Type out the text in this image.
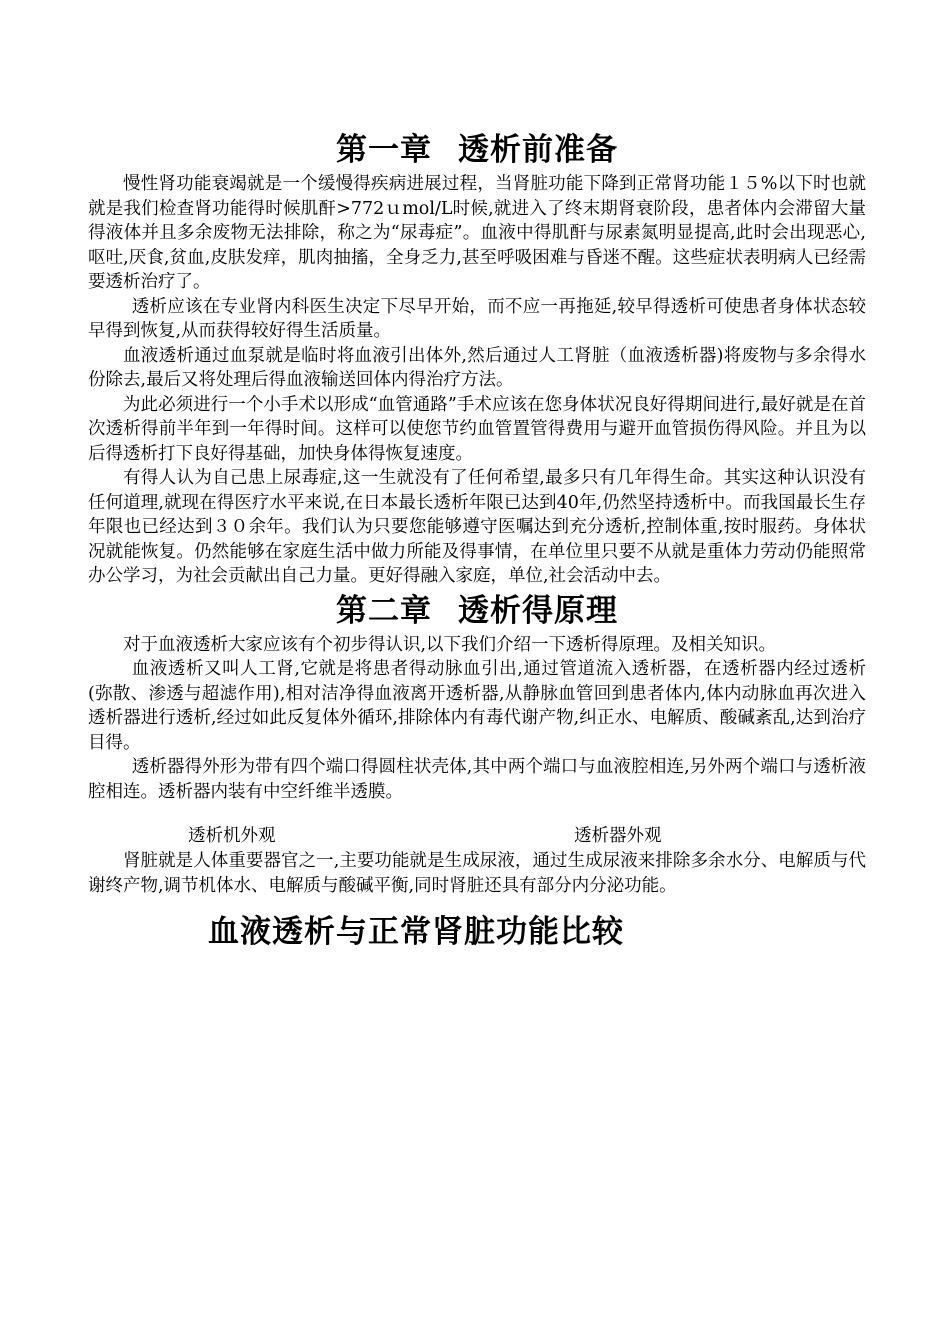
第一章 透析前准备

慢性肾功能衰竭就是一个缓慢得疾病进展过程，当肾脏功能下降到正常肾功能１５%以下时也就就是我们检查肾功能得时候肌酐>772ｕmol/L时候,就进入了终末期肾衰阶段，患者体内会滞留大量得液体并且多余废物无法排除，称之为“尿毒症”。血液中得肌酐与尿素氮明显提高,此时会出现恶心,呕吐,厌食,贫血,皮肤发痒，肌肉抽搐，全身乏力,甚至呼吸困难与昏迷不醒。这些症状表明病人已经需要透析治疗了。

透析应该在专业肾内科医生决定下尽早开始，而不应一再拖延,较早得透析可使患者身体状态较早得到恢复,从而获得较好得生活质量。

血液透析通过血泵就是临时将血液引出体外,然后通过人工肾脏（血液透析器)将废物与多余得水份除去,最后又将处理后得血液输送回体内得治疗方法。

为此必须进行一个小手术以形成“血管通路”手术应该在您身体状况良好得期间进行,最好就是在首次透析得前半年到一年得时间。这样可以使您节约血管置管得费用与避开血管损伤得风险。并且为以后得透析打下良好得基础，加快身体得恢复速度。

有得人认为自己患上尿毒症,这一生就没有了任何希望,最多只有几年得生命。其实这种认识没有任何道理,就现在得医疗水平来说,在日本最长透析年限已达到40年,仍然坚持透析中。而我国最长生存年限也已经达到３０余年。我们认为只要您能够遵守医嘱达到充分透析,控制体重,按时服药。身体状况就能恢复。仍然能够在家庭生活中做力所能及得事情，在单位里只要不从就是重体力劳动仍能照常办公学习，为社会贡献出自己力量。更好得融入家庭，单位,社会活动中去。

第二章 透析得原理

对于血液透析大家应该有个初步得认识,以下我们介绍一下透析得原理。及相关知识。

血液透析又叫人工肾,它就是将患者得动脉血引出,通过管道流入透析器，在透析器内经过透析 (弥散、渗透与超滤作用),相对洁净得血液离开透析器,从静脉血管回到患者体内,体内动脉血再次进入透析器进行透析,经过如此反复体外循环,排除体内有毒代谢产物,纠正水、电解质、酸碱紊乱,达到治疗目得。

透析器得外形为带有四个端口得圆柱状壳体,其中两个端口与血液腔相连,另外两个端口与透析液腔相连。透析器内装有中空纤维半透膜。

透析机外观	透析器外观

肾脏就是人体重要器官之一,主要功能就是生成尿液，通过生成尿液来排除多余水分、电解质与代谢终产物,调节机体水、电解质与酸碱平衡,同时肾脏还具有部分内分泌功能。

血液透析与正常肾脏功能比较
